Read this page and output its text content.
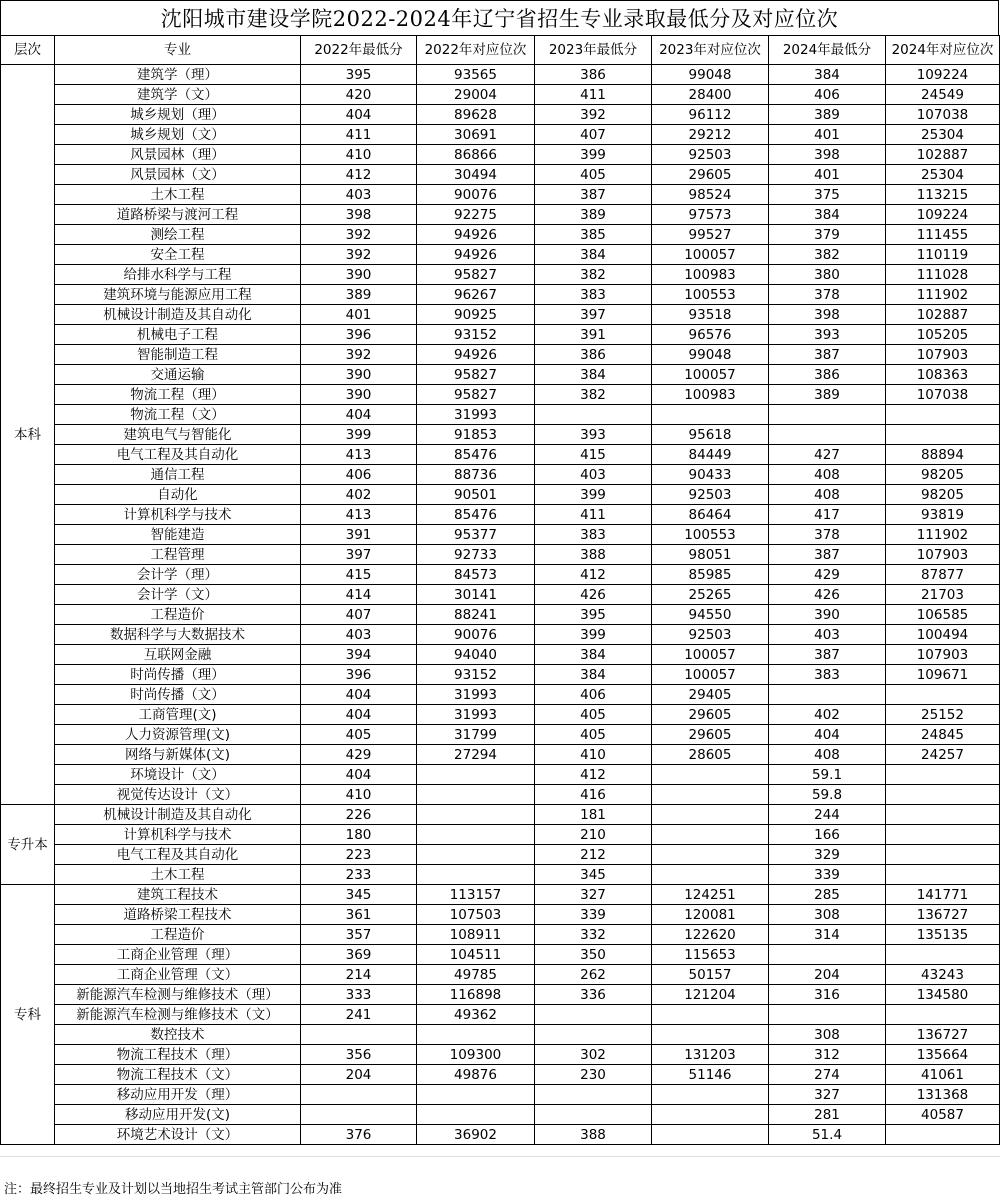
沈阳城市建设学院2022-2024年辽宁省招生专业录取最低分及对应位次
层次	专业	2022年最低分	2022年对应位次	2023年最低分	2023年对应位次	2024年最低分	2024年对应位次
本科	建筑学（理）	395	93565	386	99048	384	109224
	建筑学（文）	420	29004	411	28400	406	24549
	城乡规划（理）	404	89628	392	96112	389	107038
	城乡规划（文）	411	30691	407	29212	401	25304
	风景园林（理）	410	86866	399	92503	398	102887
	风景园林（文）	412	30494	405	29605	401	25304
	土木工程	403	90076	387	98524	375	113215
	道路桥梁与渡河工程	398	92275	389	97573	384	109224
	测绘工程	392	94926	385	99527	379	111455
	安全工程	392	94926	384	100057	382	110119
	给排水科学与工程	390	95827	382	100983	380	111028
	建筑环境与能源应用工程	389	96267	383	100553	378	111902
	机械设计制造及其自动化	401	90925	397	93518	398	102887
	机械电子工程	396	93152	391	96576	393	105205
	智能制造工程	392	94926	386	99048	387	107903
	交通运输	390	95827	384	100057	386	108363
	物流工程（理）	390	95827	382	100983	389	107038
	物流工程（文）	404	31993				
	建筑电气与智能化	399	91853	393	95618		
	电气工程及其自动化	413	85476	415	84449	427	88894
	通信工程	406	88736	403	90433	408	98205
	自动化	402	90501	399	92503	408	98205
	计算机科学与技术	413	85476	411	86464	417	93819
	智能建造	391	95377	383	100553	378	111902
	工程管理	397	92733	388	98051	387	107903
	会计学（理）	415	84573	412	85985	429	87877
	会计学（文）	414	30141	426	25265	426	21703
	工程造价	407	88241	395	94550	390	106585
	数据科学与大数据技术	403	90076	399	92503	403	100494
	互联网金融	394	94040	384	100057	387	107903
	时尚传播（理）	396	93152	384	100057	383	109671
	时尚传播（文）	404	31993	406	29405		
	工商管理(文)	404	31993	405	29605	402	25152
	人力资源管理(文)	405	31799	405	29605	404	24845
	网络与新媒体(文)	429	27294	410	28605	408	24257
	环境设计（文）	404		412		59.1	
	视觉传达设计（文）	410		416		59.8	
专升本	机械设计制造及其自动化	226		181		244	
	计算机科学与技术	180		210		166	
	电气工程及其自动化	223		212		329	
	土木工程	233		345		339	
专科	建筑工程技术	345	113157	327	124251	285	141771
	道路桥梁工程技术	361	107503	339	120081	308	136727
	工程造价	357	108911	332	122620	314	135135
	工商企业管理（理）	369	104511	350	115653		
	工商企业管理（文）	214	49785	262	50157	204	43243
	新能源汽车检测与维修技术（理）	333	116898	336	121204	316	134580
	新能源汽车检测与维修技术（文）	241	49362				
	数控技术					308	136727
	物流工程技术（理）	356	109300	302	131203	312	135664
	物流工程技术（文）	204	49876	230	51146	274	41061
	移动应用开发（理）					327	131368
	移动应用开发(文)					281	40587
	环境艺术设计（文）	376	36902	388		51.4	
注：最终招生专业及计划以当地招生考试主管部门公布为准
